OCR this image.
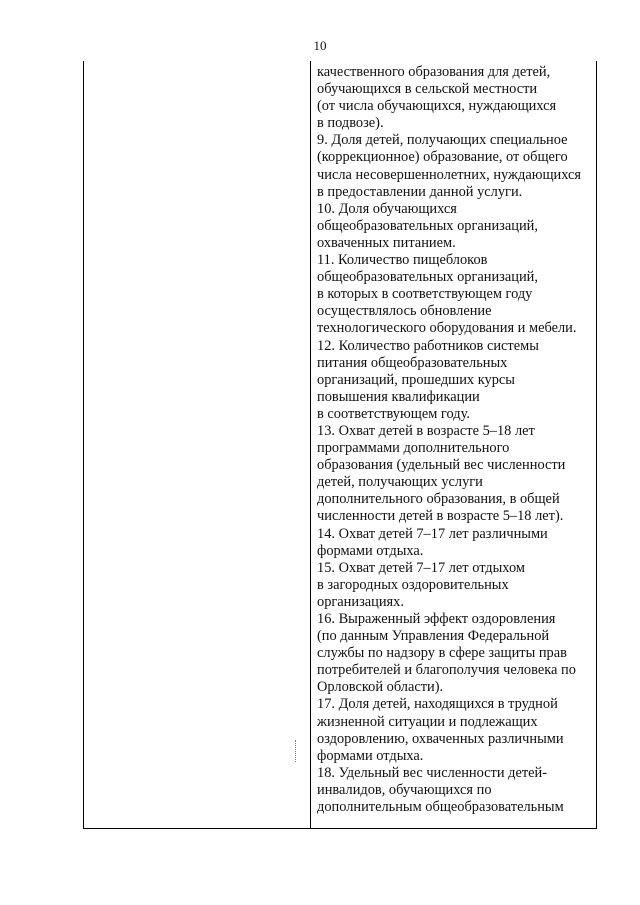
10
качественного образования для детей,
обучающихся в сельской местности
(от числа обучающихся, нуждающихся
в подвозе).
9. Доля детей, получающих специальное
(коррекционное) образование, от общего
числа несовершеннолетних, нуждающихся
в предоставлении данной услуги.
10. Доля обучающихся
общеобразовательных организаций,
охваченных питанием.
11. Количество пищеблоков
общеобразовательных организаций,
в которых в соответствующем году
осуществлялось обновление
технологического оборудования и мебели.
12. Количество работников системы
питания общеобразовательных
организаций, прошедших курсы
повышения квалификации
в соответствующем году.
13. Охват детей в возрасте 5–18 лет
программами дополнительного
образования (удельный вес численности
детей, получающих услуги
дополнительного образования, в общей
численности детей в возрасте 5–18 лет).
14. Охват детей 7–17 лет различными
формами отдыха.
15. Охват детей 7–17 лет отдыхом
в загородных оздоровительных
организациях.
16. Выраженный эффект оздоровления
(по данным Управления Федеральной
службы по надзору в сфере защиты прав
потребителей и благополучия человека по
Орловской области).
17. Доля детей, находящихся в трудной
жизненной ситуации и подлежащих
оздоровлению, охваченных различными
формами отдыха.
18. Удельный вес численности детей-
инвалидов, обучающихся по
дополнительным общеобразовательным
